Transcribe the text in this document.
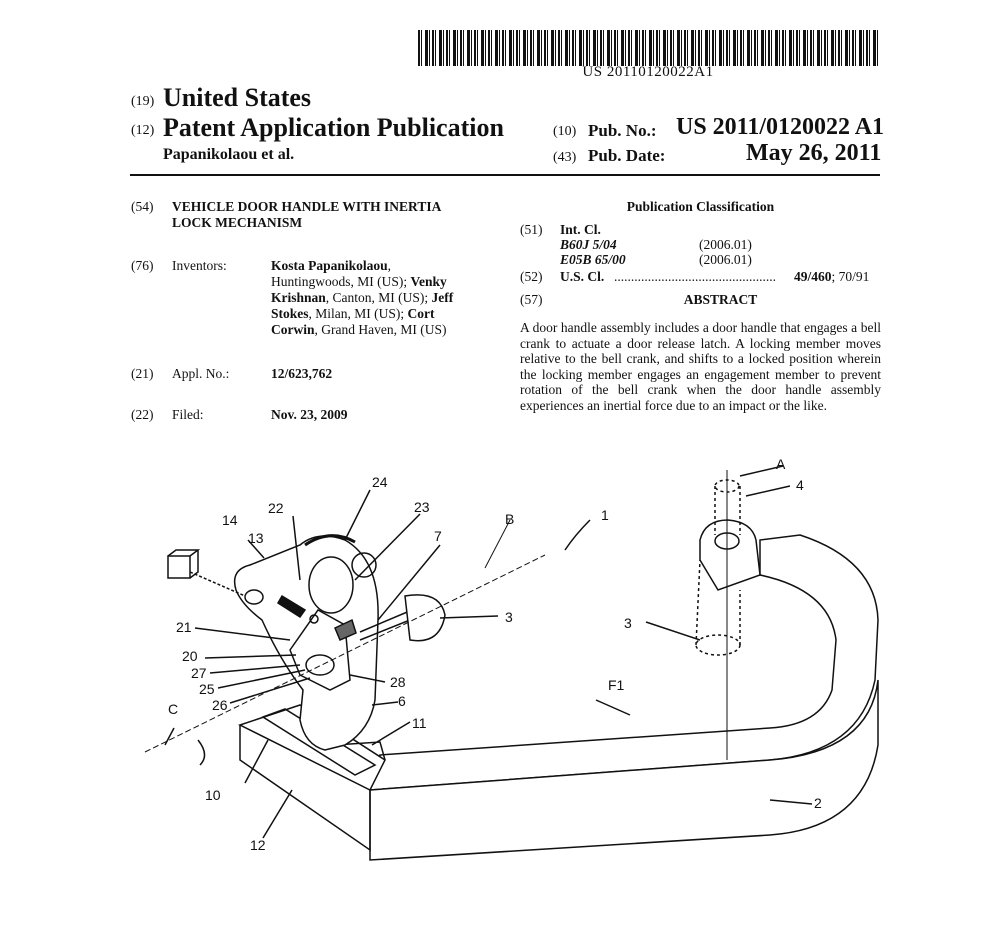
US 20110120022A1
(19) United States
(12) Patent Application Publication
Papanikolaou et al.
(10) Pub. No.: US 2011/0120022 A1
(43) Pub. Date:	May 26, 2011
(54) VEHICLE DOOR HANDLE WITH INERTIA
LOCK MECHANISM
(76) Inventors:	Kosta Papanikolaou,
Huntingwoods, MI (US); Venky
Krishnan, Canton, MI (US); Jeff
Stokes, Milan, MI (US); Cort
Corwin, Grand Haven, MI (US)
(21) Appl. No.:	12/623,762
(22) Filed:	Nov. 23, 2009
Publication Classification
(51) Int. Cl.
B60J 5/04	(2006.01)
E05B 65/00	(2006.01)
(52) U.S. Cl. ................................................	49/460; 70/91
(57)	ABSTRACT
A door handle assembly includes a door handle that engages a bell crank to actuate a door release latch. A locking member moves relative to the bell crank, and shifts to a locked position wherein the locking member engages an engagement member to prevent rotation of the bell crank when the door handle assembly experiences an inertial force due to an impact or the like.
A
4
14
22
24
23
B	1
13	7
3
21	3
20
27
25
26
28
6
F1
C
11
10	2
12
